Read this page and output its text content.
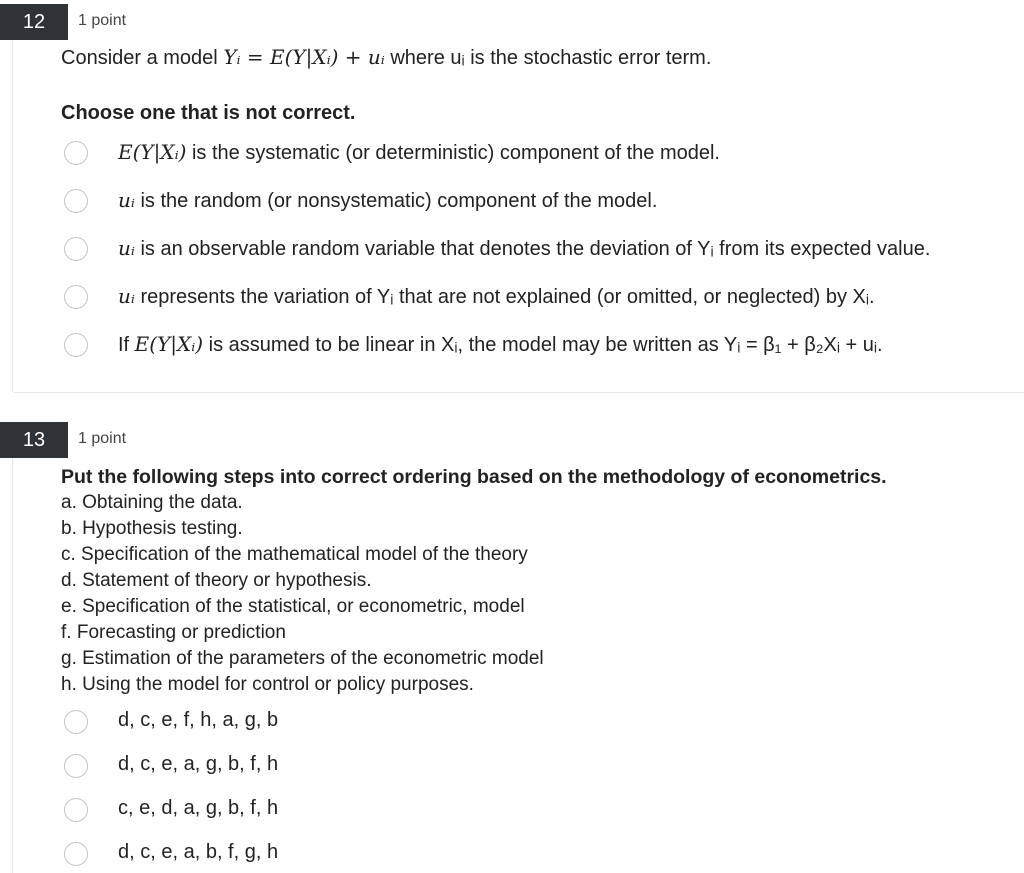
12	1 point
Consider a model Yᵢ = E(Y|Xᵢ) + uᵢ where uᵢ is the stochastic error term.
Choose one that is not correct.
E(Y|Xᵢ) is the systematic (or deterministic) component of the model.
uᵢ is the random (or nonsystematic) component of the model.
uᵢ is an observable random variable that denotes the deviation of Yᵢ from its expected value.
uᵢ represents the variation of Yᵢ that are not explained (or omitted, or neglected) by Xᵢ.
If E(Y|Xᵢ) is assumed to be linear in Xᵢ, the model may be written as Yᵢ = β₁ + β₂Xᵢ + uᵢ.
13	1 point
Put the following steps into correct ordering based on the methodology of econometrics.
a. Obtaining the data.
b. Hypothesis testing.
c. Specification of the mathematical model of the theory
d. Statement of theory or hypothesis.
e. Specification of the statistical, or econometric, model
f. Forecasting or prediction
g. Estimation of the parameters of the econometric model
h. Using the model for control or policy purposes.
d, c, e, f, h, a, g, b
d, c, e, a, g, b, f, h
c, e, d, a, g, b, f, h
d, c, e, a, b, f, g, h
